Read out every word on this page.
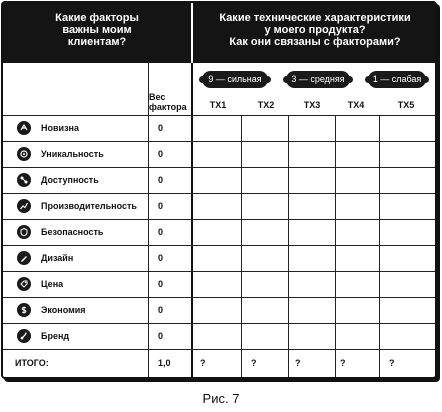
Какие факторы
важны моим
клиентам?
Какие технические характеристики
у моего продукта?
Как они связаны с факторами?
Вес
фактора
9 — сильная	3 — средняя	1 — слабая
TX1	TX2	TX3	TX4	TX5
Новизна	0
Уникальность	0
Доступность	0
Производительность 0
Безопасность	0
Дизайн	0
Цена	0
Экономия	0
Бренд	0
ИТОГО:	1,0	?	?	?	?	?
Рис. 7
